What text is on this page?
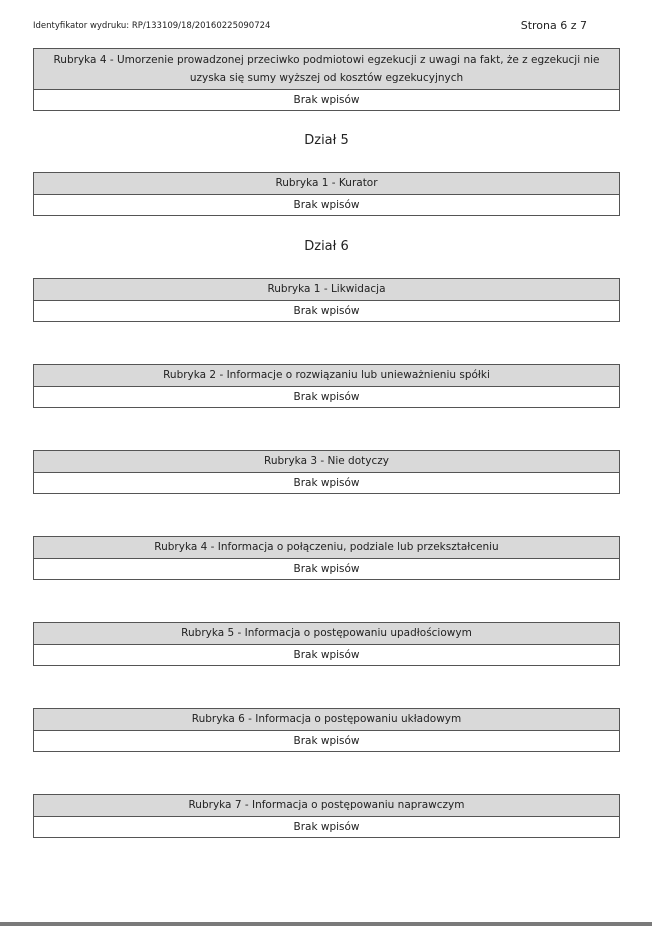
Identyfikator wydruku: RP/133109/18/20160225090724	Strona 6 z 7
Rubryka 4 - Umorzenie prowadzonej przeciwko podmiotowi egzekucji z uwagi na fakt, że z egzekucji nie uzyska się sumy wyższej od kosztów egzekucyjnych
Brak wpisów
Dział 5
Rubryka 1 - Kurator
Brak wpisów
Dział 6
Rubryka 1 - Likwidacja
Brak wpisów
Rubryka 2 - Informacje o rozwiązaniu lub unieważnieniu spółki
Brak wpisów
Rubryka 3 - Nie dotyczy
Brak wpisów
Rubryka 4 - Informacja o połączeniu, podziale lub przekształceniu
Brak wpisów
Rubryka 5 - Informacja o postępowaniu upadłościowym
Brak wpisów
Rubryka 6 - Informacja o postępowaniu układowym
Brak wpisów
Rubryka 7 - Informacja o postępowaniu naprawczym
Brak wpisów
